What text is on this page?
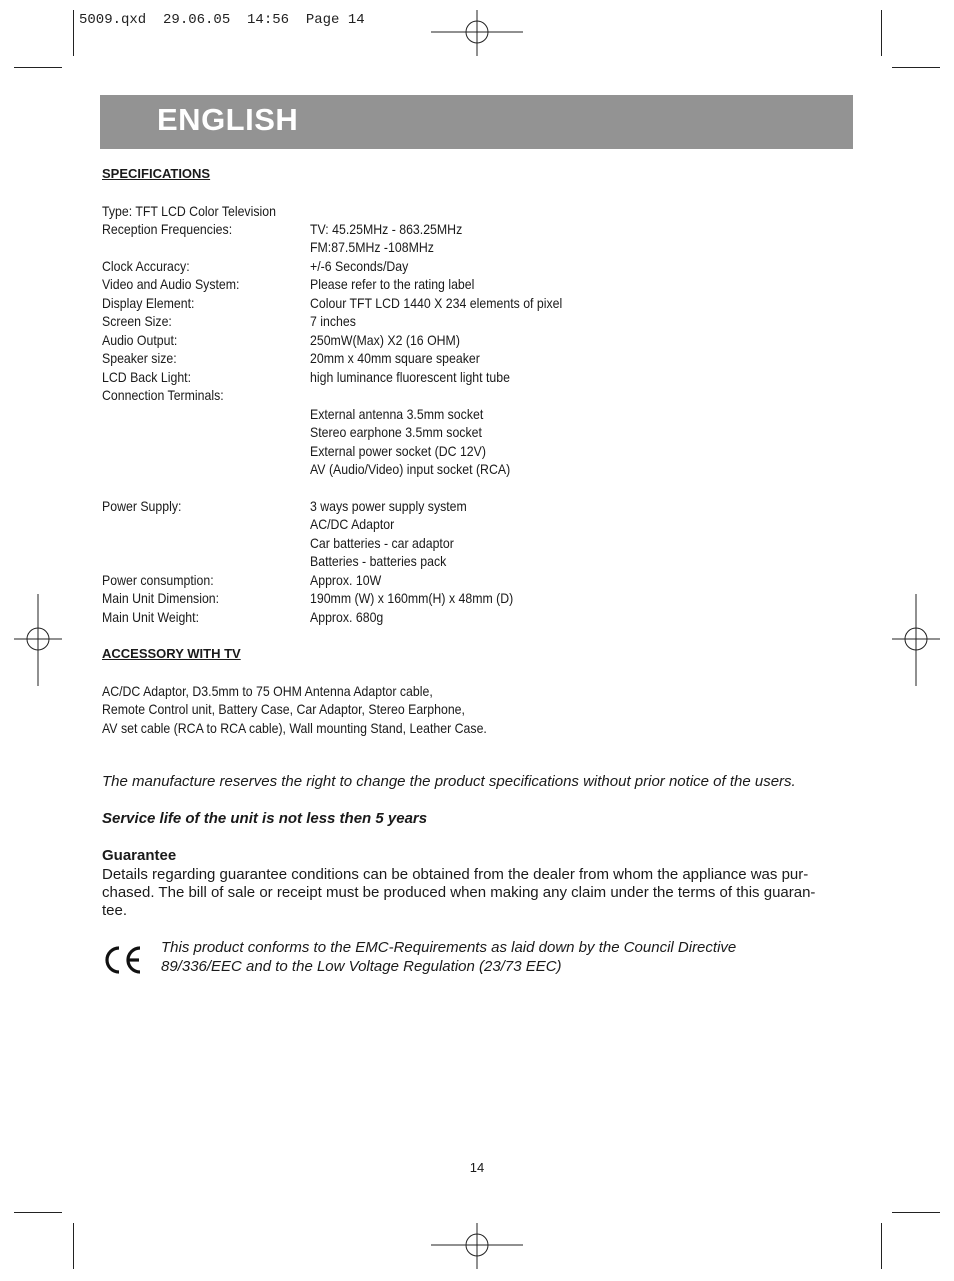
5009.qxd  29.06.05  14:56  Page 14
ENGLISH
SPECIFICATIONS
Type: TFT LCD Color Television
Reception Frequencies:	TV: 45.25MHz - 863.25MHz
FM:87.5MHz -108MHz
Clock Accuracy:	+/-6 Seconds/Day
Video and Audio System:	Please refer to the rating label
Display Element:	Colour TFT LCD 1440 X 234 elements of pixel
Screen Size:	7 inches
Audio Output:	250mW(Max) X2 (16 OHM)
Speaker size:	20mm x 40mm square speaker
LCD Back Light:	high luminance fluorescent light tube
Connection Terminals:
External antenna 3.5mm socket
Stereo earphone 3.5mm socket
External power socket (DC 12V)
AV (Audio/Video) input socket (RCA)
Power Supply:	3 ways power supply system
AC/DC Adaptor
Car batteries - car adaptor
Batteries - batteries pack
Power consumption:	Approx. 10W
Main Unit Dimension:	190mm (W) x 160mm(H) x 48mm (D)
Main Unit Weight:	Approx. 680g
ACCESSORY WITH TV
AC/DC Adaptor, D3.5mm to 75 OHM Antenna Adaptor cable,
Remote Control unit, Battery Case, Car Adaptor, Stereo Earphone,
AV set cable (RCA to RCA cable), Wall mounting Stand, Leather Case.
The manufacture reserves the right to change the product specifications without prior notice of the users.
Service life of the unit is not less then 5 years
Guarantee
Details regarding guarantee conditions can be obtained from the dealer from whom the appliance was pur-
chased. The bill of sale or receipt must be produced when making any claim under the terms of this guaran-
tee.
This product conforms to the EMC-Requirements as laid down by the Council Directive
89/336/EEC and to the Low Voltage Regulation (23/73 EEC)
14
